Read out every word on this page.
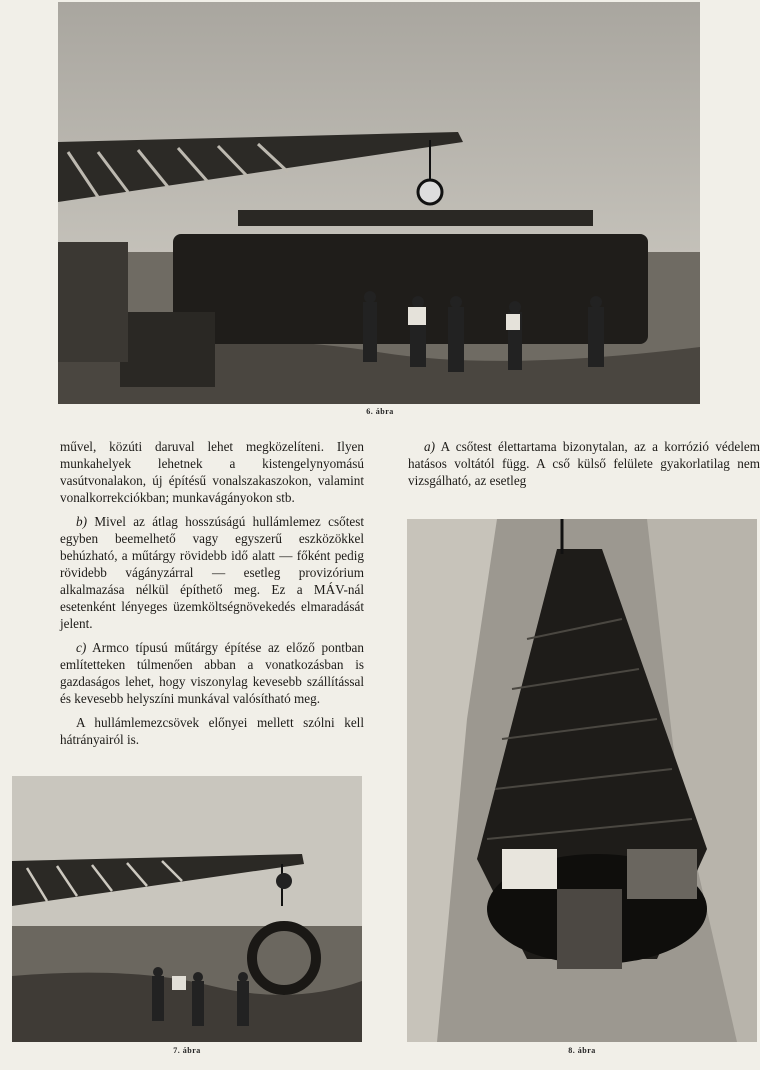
6. ábra

művel, közúti daruval lehet megközelíteni. Ilyen munkahelyek lehetnek a kistengelynyomású vasútvonalakon, új építésű vonalszakaszokon, valamint vonalkorrekciókban; munkavágányokon stb.

b) Mivel az átlag hosszúságú hullámlemez csőtest egyben beemelhető vagy egyszerű eszközökkel behúzható, a műtárgy rövidebb idő alatt — főként pedig rövidebb vágányzárral — esetleg provizórium alkalmazása nélkül építhető meg. Ez a MÁV-nál esetenként lényeges üzemköltségnövekedés elmaradását jelent.

c) Armco típusú műtárgy építése az előző pontban említetteken túlmenően abban a vonatkozásban is gazdaságos lehet, hogy viszonylag kevesebb szállítással és kevesebb helyszíni munkával valósítható meg.

A hullámlemezcsövek előnyei mellett szólni kell hátrányairól is.

a) A csőtest élettartama bizonytalan, az a korrózió védelem hatásos voltától függ. A cső külső felülete gyakorlatilag nem vizsgálható, az esetleg

7. ábra	8. ábra
